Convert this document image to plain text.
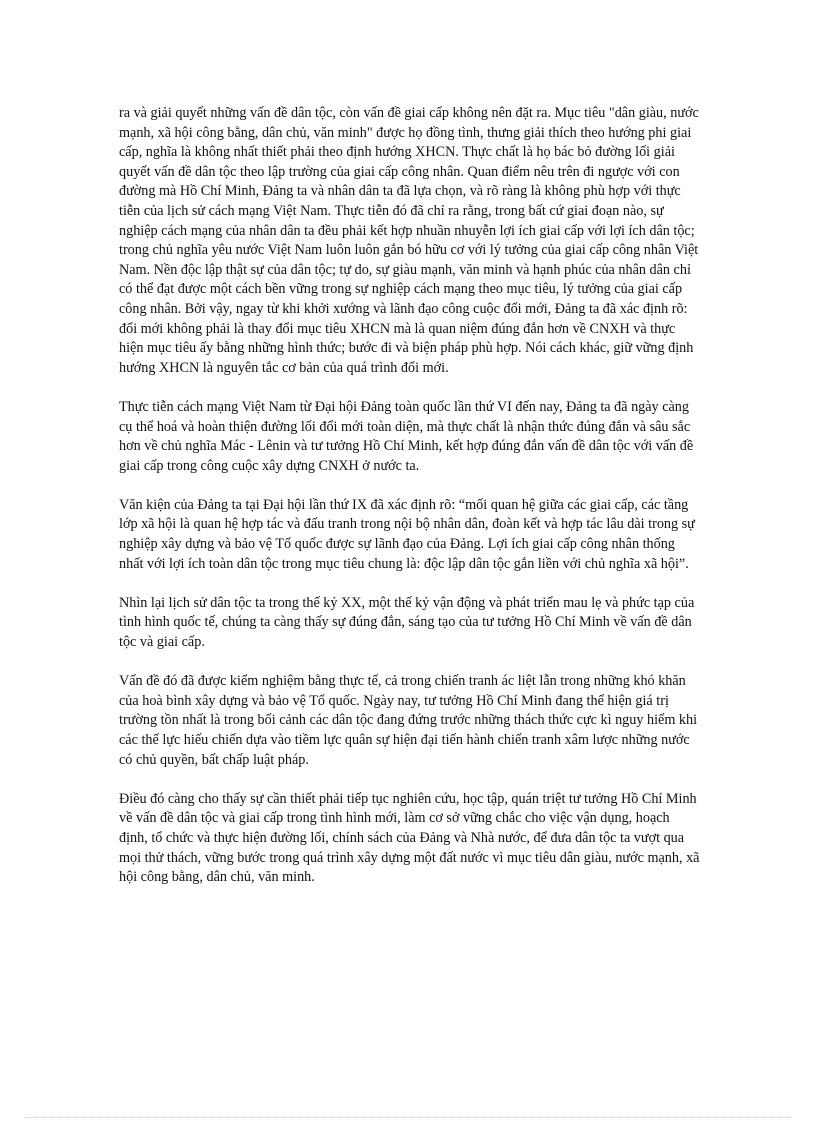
ra và giải quyết những vấn đề dân tộc, còn vấn đề giai cấp không nên đặt ra. Mục tiêu "dân giàu, nước mạnh, xã hội công bằng, dân chủ, văn minh" được họ đồng tình, thưng giải thích theo hướng phi giai cấp, nghĩa là không nhất thiết phải theo định hướng XHCN. Thực chất là họ bác bỏ đường lối giải quyết vấn đề dân tộc theo lập trường của giai cấp công nhân. Quan điểm nêu trên đi ngược với con đường mà Hồ Chí Minh, Đảng ta và nhân dân ta đã lựa chọn, và rõ ràng là không phù hợp với thực tiễn của lịch sử cách mạng Việt Nam. Thực tiễn đó đã chỉ ra rằng, trong bất cứ giai đoạn nào, sự nghiệp cách mạng của nhân dân ta đều phải kết hợp nhuần nhuyễn lợi ích giai cấp với lợi ích dân tộc; trong chủ nghĩa yêu nước Việt Nam luôn luôn gắn bó hữu cơ với lý tưởng của giai cấp công nhân Việt Nam. Nền độc lập thật sự của dân tộc; tự do, sự giàu mạnh, văn minh và hạnh phúc của nhân dân chỉ có thể đạt được một cách bền vững trong sự nghiệp cách mạng theo mục tiêu, lý tưởng của giai cấp công nhân. Bởi vậy, ngay từ khi khởi xướng và lãnh đạo công cuộc đổi mới, Đảng ta đã xác định rõ: đổi mới không phải là thay đổi mục tiêu XHCN mà là quan niệm đúng đắn hơn về CNXH và thực hiện mục tiêu ấy bằng những hình thức; bước đi và biện pháp phù hợp. Nói cách khác, giữ vững định hướng XHCN là nguyên tắc cơ bản của quá trình đổi mới.

Thực tiễn cách mạng Việt Nam từ Đại hội Đảng toàn quốc lần thứ VI đến nay, Đảng ta đã ngày càng cụ thể hoá và hoàn thiện đường lối đổi mới toàn diện, mà thực chất là nhận thức đúng đắn và sâu sắc hơn về chủ nghĩa Mác - Lênin và tư tưởng Hồ Chí Minh, kết hợp đúng đắn vấn đề dân tộc với vấn đề giai cấp trong công cuộc xây dựng CNXH ở nước ta.

Văn kiện của Đảng ta tại Đại hội lần thứ IX đã xác định rõ: “mối quan hệ giữa các giai cấp, các tầng lớp xã hội là quan hệ hợp tác và đấu tranh trong nội bộ nhân dân, đoàn kết và hợp tác lâu dài trong sự nghiệp xây dựng và bảo vệ Tổ quốc được sự lãnh đạo của Đảng. Lợi ích giai cấp công nhân thống nhất với lợi ích toàn dân tộc trong mục tiêu chung là: độc lập dân tộc gắn liền với chủ nghĩa xã hội”.

Nhìn lại lịch sử dân tộc ta trong thế kỷ XX, một thế kỷ vận động và phát triển mau lẹ và phức tạp của tình hình quốc tế, chúng ta càng thấy sự đúng đắn, sáng tạo của tư tưởng Hồ Chí Minh về vấn đề dân tộc và giai cấp.

Vấn đề đó đã được kiểm nghiệm bằng thực tế, cả trong chiến tranh ác liệt lẫn trong những khó khăn của hoà bình xây dựng và bảo vệ Tổ quốc. Ngày nay, tư tưởng Hồ Chí Minh đang thể hiện giá trị trường tồn nhất là trong bối cảnh các dân tộc đang đứng trước những thách thức cực kì nguy hiểm khi các thế lực hiếu chiến dựa vào tiềm lực quân sự hiện đại tiến hành chiến tranh xâm lược những nước có chủ quyền, bất chấp luật pháp.

Điều đó càng cho thấy sự cần thiết phải tiếp tục nghiên cứu, học tập, quán triệt tư tưởng Hồ Chí Minh về vấn đề dân tộc và giai cấp trong tình hình mới, làm cơ sở vững chắc cho việc vận dụng, hoạch định, tổ chức và thực hiện đường lối, chính sách của Đảng và Nhà nước, để đưa dân tộc ta vượt qua mọi thử thách, vững bước trong quá trình xây dựng một đất nước vì mục tiêu dân giàu, nước mạnh, xã hội công bằng, dân chủ, văn minh.
